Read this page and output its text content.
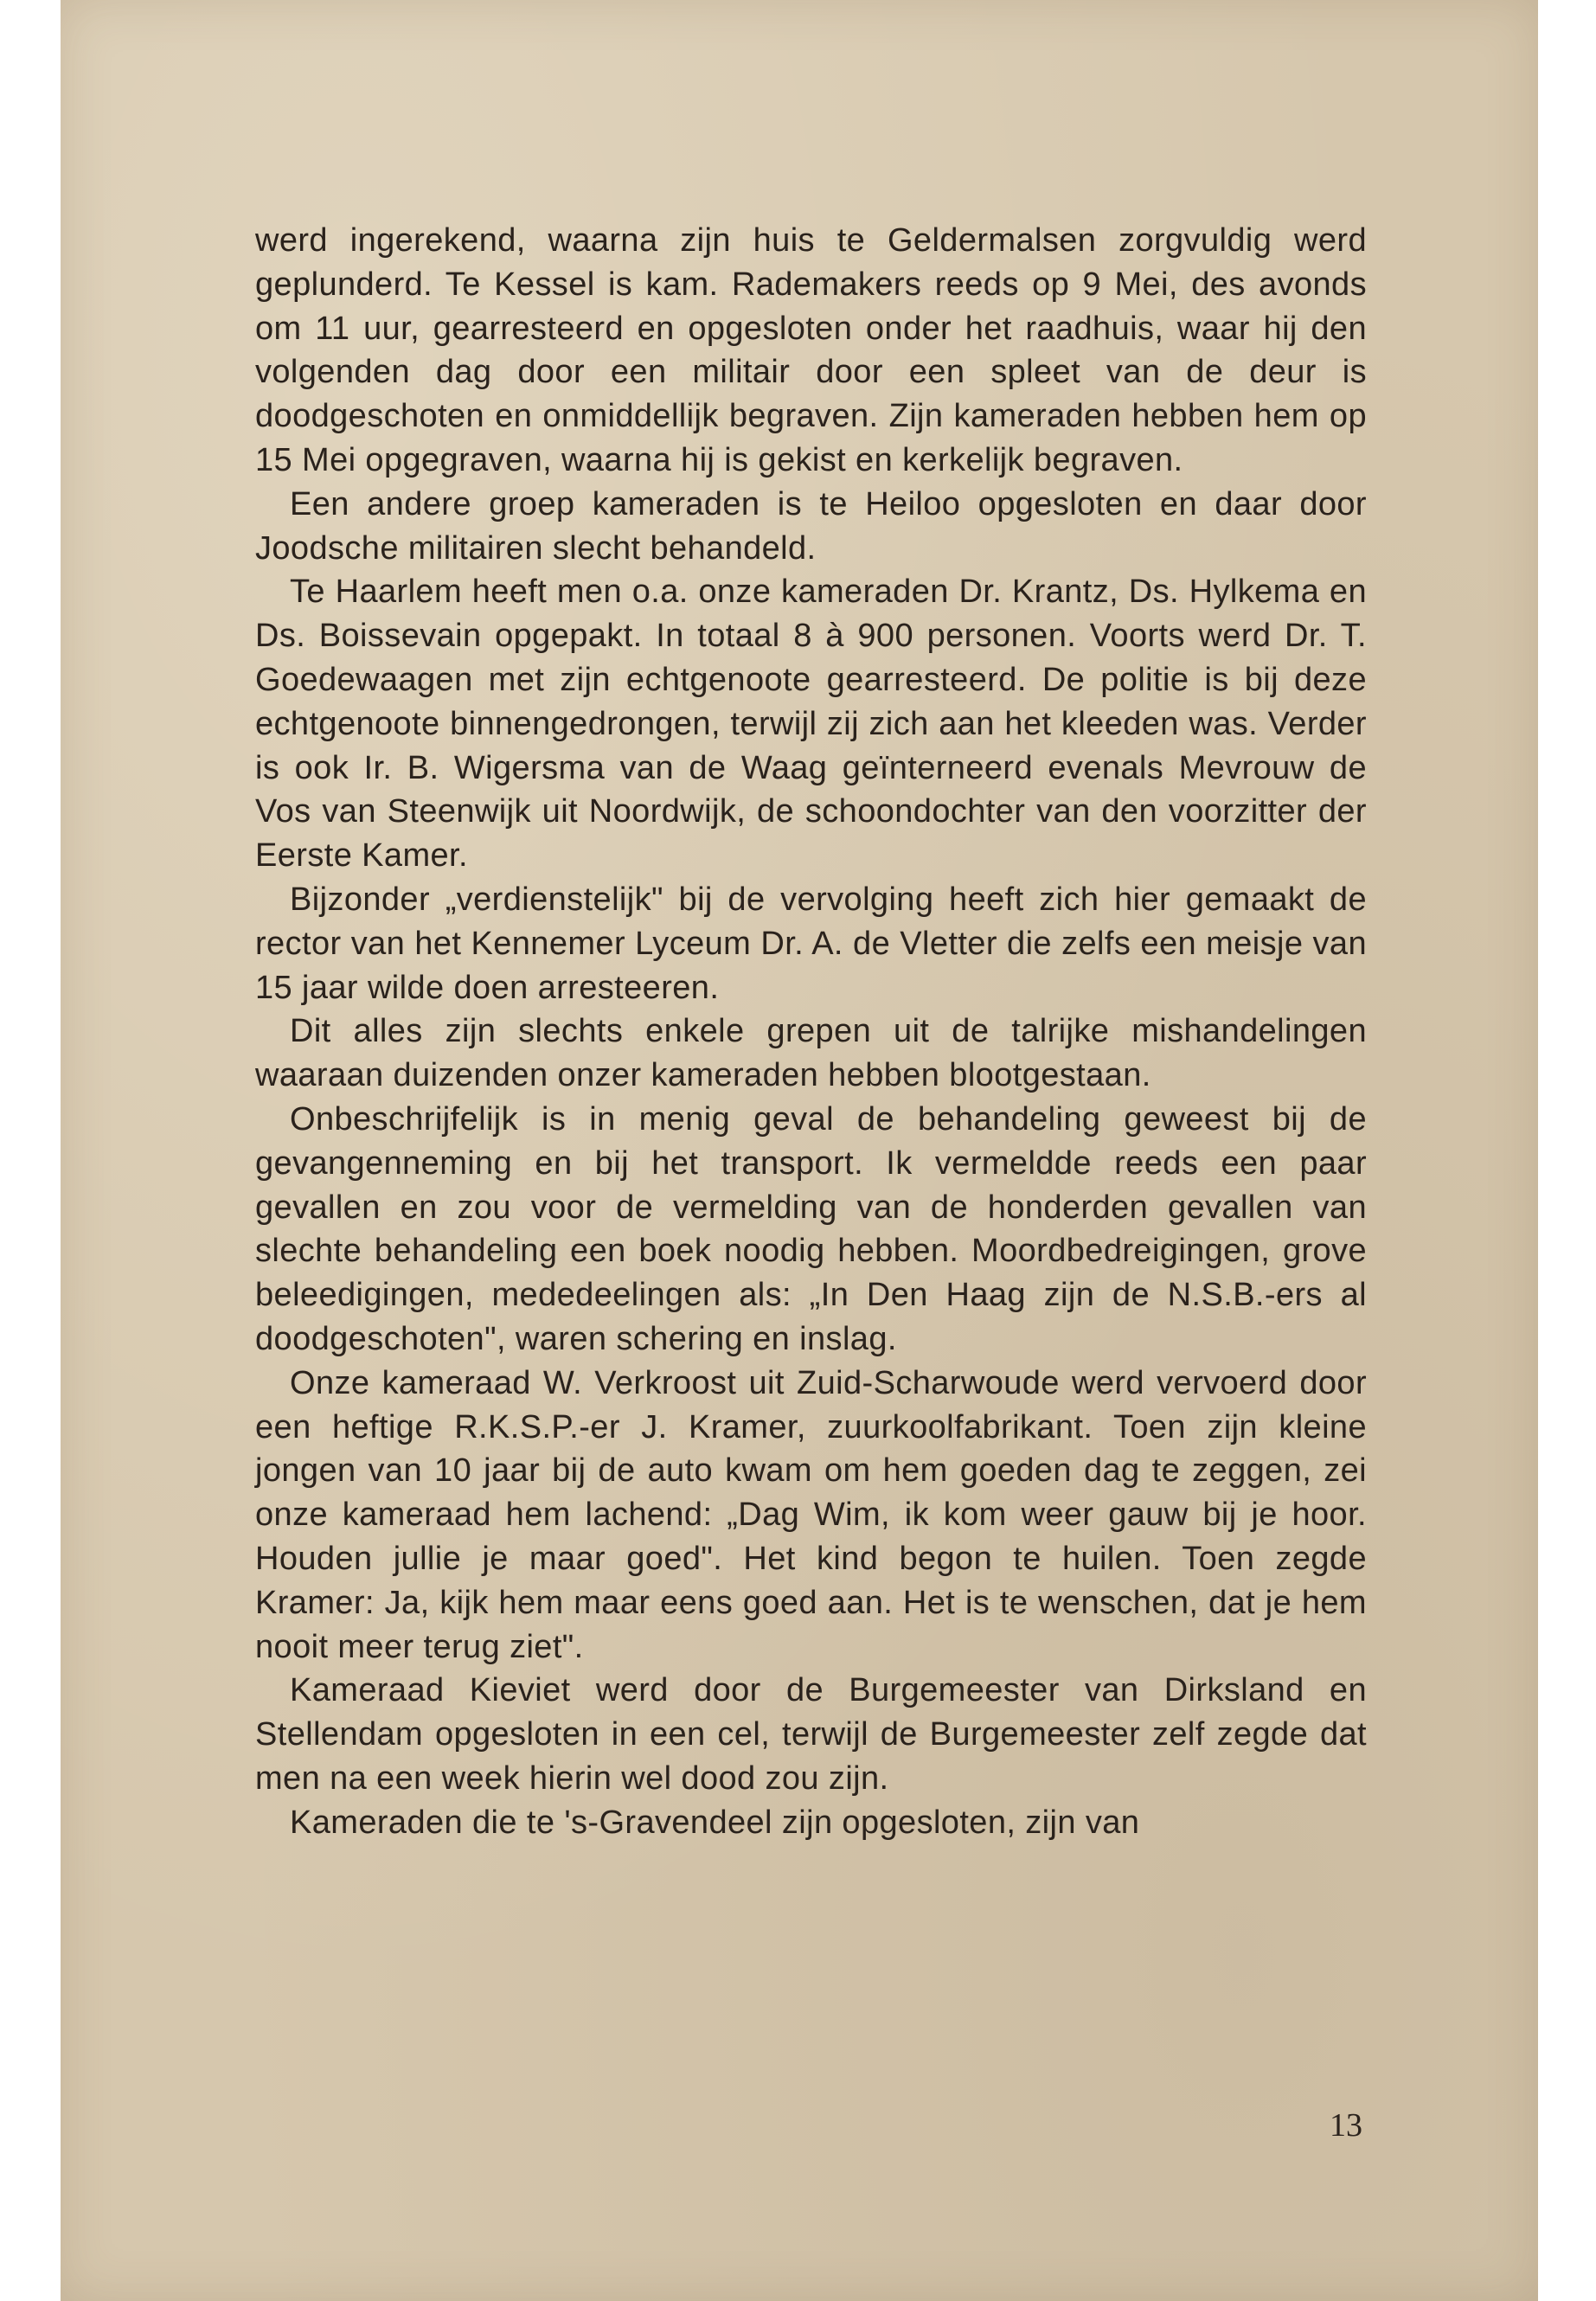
werd ingerekend, waarna zijn huis te Geldermalsen zorgvuldig werd geplunderd. Te Kessel is kam. Rademakers reeds op 9 Mei, des avonds om 11 uur, gearresteerd en opgesloten onder het raadhuis, waar hij den volgenden dag door een militair door een spleet van de deur is doodgeschoten en onmiddellijk begraven. Zijn kameraden hebben hem op 15 Mei opgegraven, waarna hij is gekist en kerkelijk begraven.

Een andere groep kameraden is te Heiloo opgesloten en daar door Joodsche militairen slecht behandeld.

Te Haarlem heeft men o.a. onze kameraden Dr. Krantz, Ds. Hylkema en Ds. Boissevain opgepakt. In totaal 8 à 900 personen. Voorts werd Dr. T. Goedewaagen met zijn echtgenoote gearresteerd. De politie is bij deze echtgenoote binnengedrongen, terwijl zij zich aan het kleeden was. Verder is ook Ir. B. Wigersma van de Waag geïnterneerd evenals Mevrouw de Vos van Steenwijk uit Noordwijk, de schoondochter van den voorzitter der Eerste Kamer.

Bijzonder „verdienstelijk" bij de vervolging heeft zich hier gemaakt de rector van het Kennemer Lyceum Dr. A. de Vletter die zelfs een meisje van 15 jaar wilde doen arresteeren.

Dit alles zijn slechts enkele grepen uit de talrijke mishandelingen waaraan duizenden onzer kameraden hebben blootgestaan.

Onbeschrijfelijk is in menig geval de behandeling geweest bij de gevangenneming en bij het transport. Ik vermeldde reeds een paar gevallen en zou voor de vermelding van de honderden gevallen van slechte behandeling een boek noodig hebben. Moordbedreigingen, grove beleedigingen, mededeelingen als: „In Den Haag zijn de N.S.B.-ers al doodgeschoten", waren schering en inslag.

Onze kameraad W. Verkroost uit Zuid-Scharwoude werd vervoerd door een heftige R.K.S.P.-er J. Kramer, zuurkoolfabrikant. Toen zijn kleine jongen van 10 jaar bij de auto kwam om hem goeden dag te zeggen, zei onze kameraad hem lachend: „Dag Wim, ik kom weer gauw bij je hoor. Houden jullie je maar goed". Het kind begon te huilen. Toen zegde Kramer: Ja, kijk hem maar eens goed aan. Het is te wenschen, dat je hem nooit meer terug ziet".

Kameraad Kieviet werd door de Burgemeester van Dirksland en Stellendam opgesloten in een cel, terwijl de Burgemeester zelf zegde dat men na een week hierin wel dood zou zijn.

Kameraden die te 's-Gravendeel zijn opgesloten, zijn van

13
